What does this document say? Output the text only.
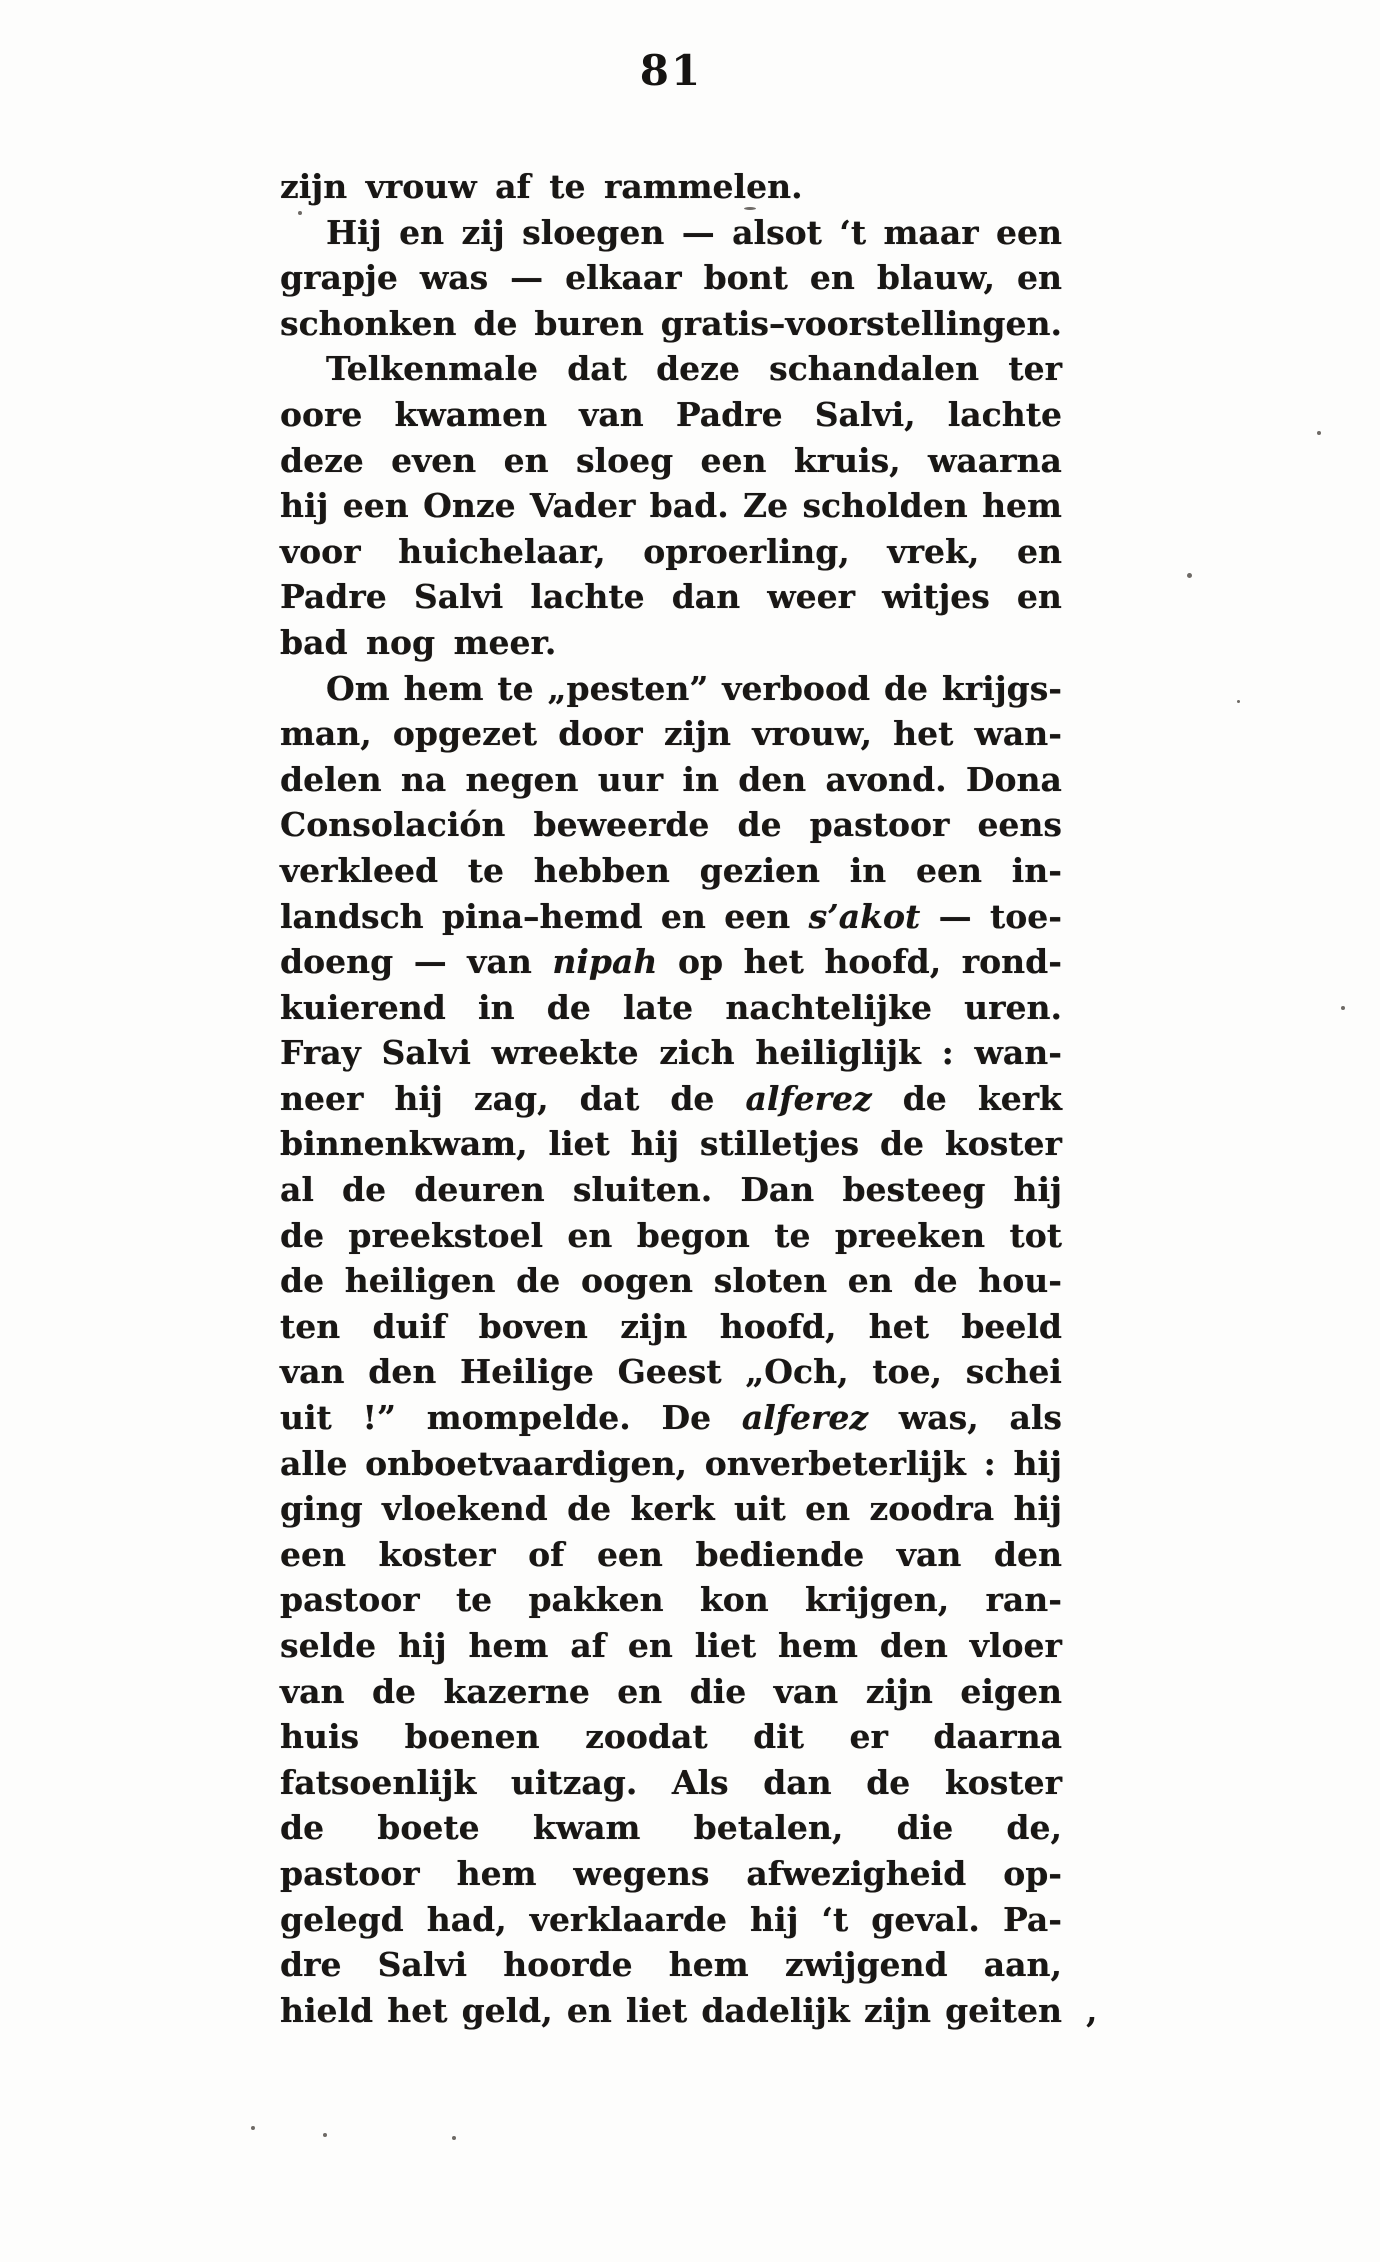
81
zijn vrouw af te rammelen.
Hij en zij sloegen — alsot ‘t maar een
grapje was — elkaar bont en blauw, en
schonken de buren gratis–voorstellingen.
Telkenmale dat deze schandalen ter
oore kwamen van Padre Salvi, lachte
deze even en sloeg een kruis, waarna
hij een Onze Vader bad. Ze scholden hem
voor huichelaar, oproerling, vrek, en
Padre Salvi lachte dan weer witjes en
bad nog meer.
Om hem te „pesten” verbood de krijgs-
man, opgezet door zijn vrouw, het wan-
delen na negen uur in den avond. Dona
Consolación beweerde de pastoor eens
verkleed te hebben gezien in een in-
landsch pina–hemd en een s’akot — toe-
doeng — van nipah op het hoofd, rond-
kuierend in de late nachtelijke uren.
Fray Salvi wreekte zich heiliglijk : wan-
neer hij zag, dat de alferez de kerk
binnenkwam, liet hij stilletjes de koster
al de deuren sluiten. Dan besteeg hij
de preekstoel en begon te preeken tot
de heiligen de oogen sloten en de hou-
ten duif boven zijn hoofd, het beeld
van den Heilige Geest „Och, toe, schei
uit !” mompelde. De alferez was, als
alle onboetvaardigen, onverbeterlijk : hij
ging vloekend de kerk uit en zoodra hij
een koster of een bediende van den
pastoor te pakken kon krijgen, ran-
selde hij hem af en liet hem den vloer
van de kazerne en die van zijn eigen
huis boenen zoodat dit er daarna
fatsoenlijk uitzag. Als dan de koster
de boete kwam betalen, die de,
pastoor hem wegens afwezigheid op-
gelegd had, verklaarde hij ‘t geval. Pa-
dre Salvi hoorde hem zwijgend aan,
hield het geld, en liet dadelijk zijn geiten ,
